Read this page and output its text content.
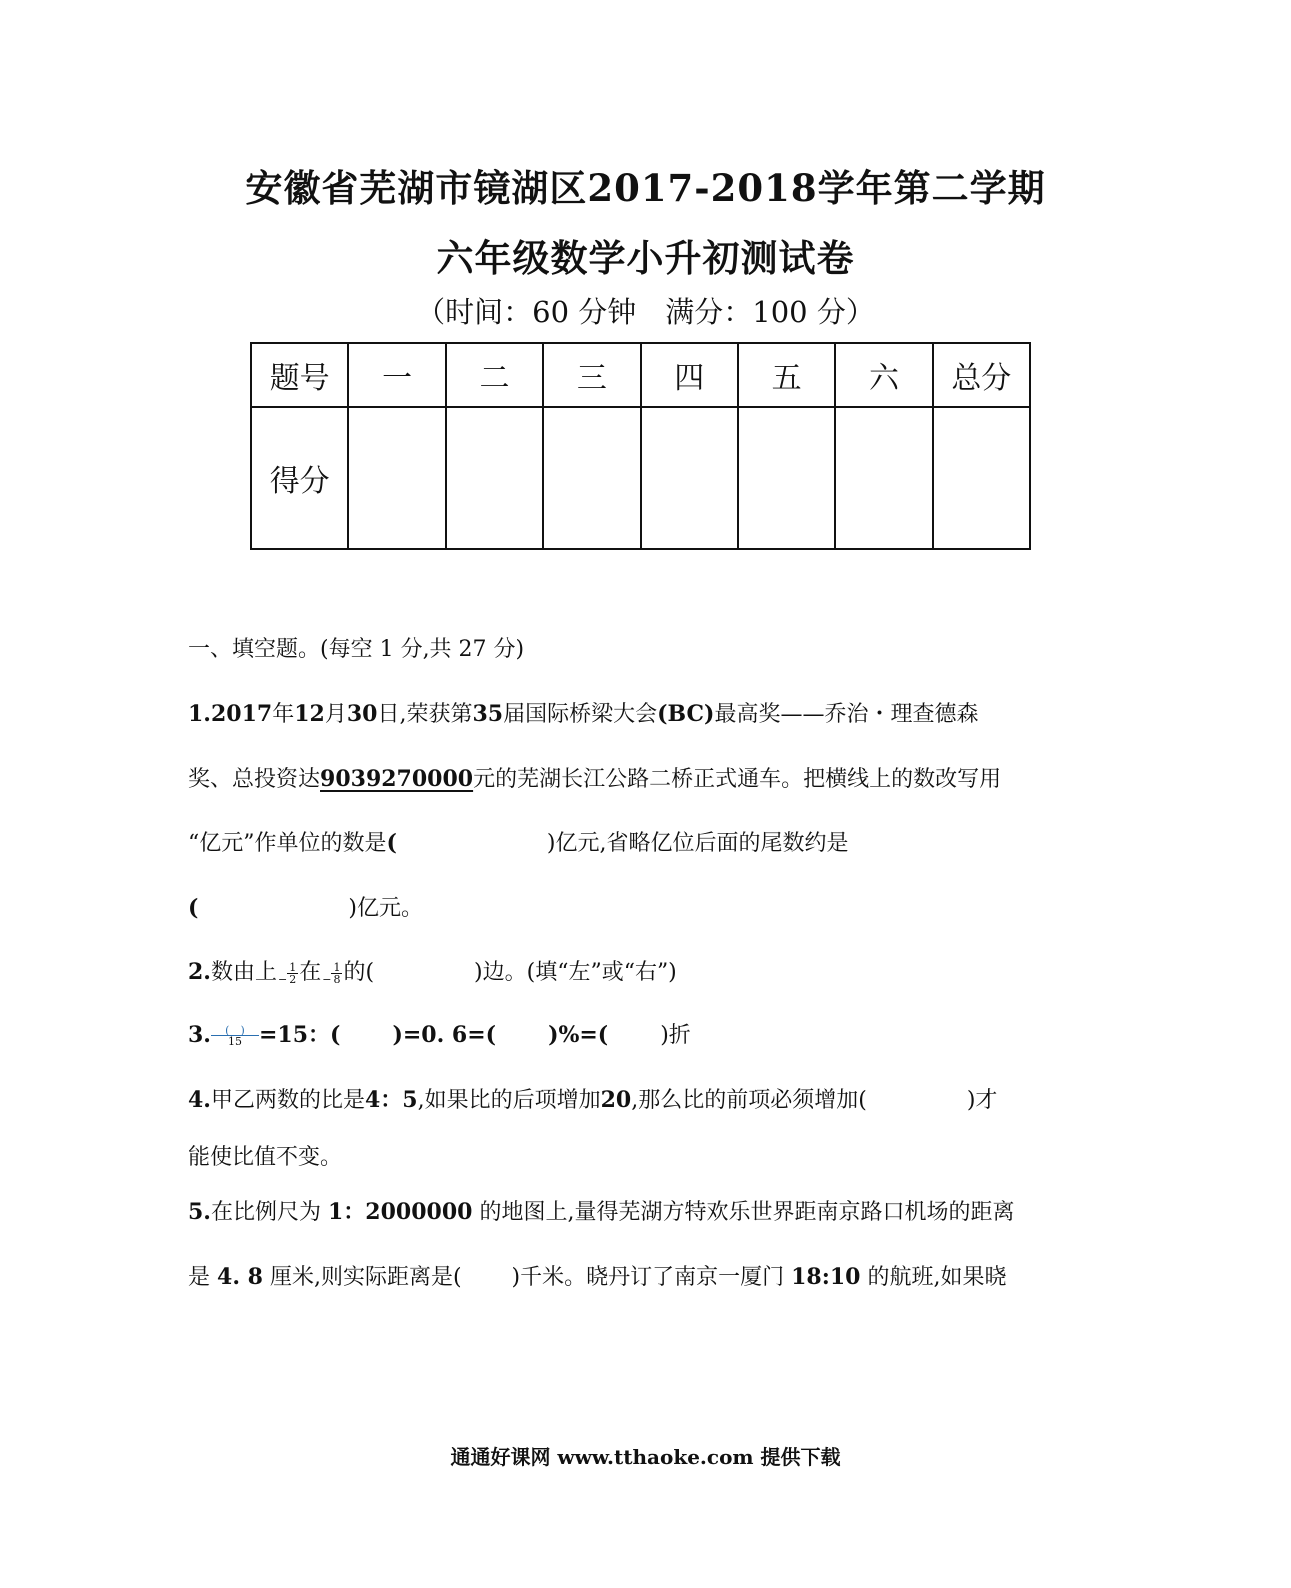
安徽省芜湖市镜湖区2017-2018学年第二学期
六年级数学小升初测试卷
（时间：60 分钟　满分：100 分）
题号	一	二	三	四	五	六	总分
得分							
一、填空题。(每空 1 分,共 27 分)
1.2017年12月30日,荣获第35届国际桥梁大会(BC)最高奖——乔治・理查德森
奖、总投资达9039270000元的芜湖长江公路二桥正式通车。把横线上的数改写用
“亿元”作单位的数是(	)亿元,省略亿位后面的尾数约是
(	)亿元。
2.数由上− $\frac{1}{2}$ 在− $\frac{1}{8}$ 的(	)边。(填“左”或“右”)
3. $\frac{( )}{15} =15$：( )=0. 6=( )%=( )折
4.甲乙两数的比是4：5,如果比的后项增加20,那么比的前项必须增加(	)才
能使比值不变。
5.在比例尺为 1：2000000 的地图上,量得芜湖方特欢乐世界距南京路口机场的距离
是 4. 8 厘米,则实际距离是( )千米。晓丹订了南京一厦门 18:10 的航班,如果晓
通通好课网 www.tthaoke.com 提供下载
